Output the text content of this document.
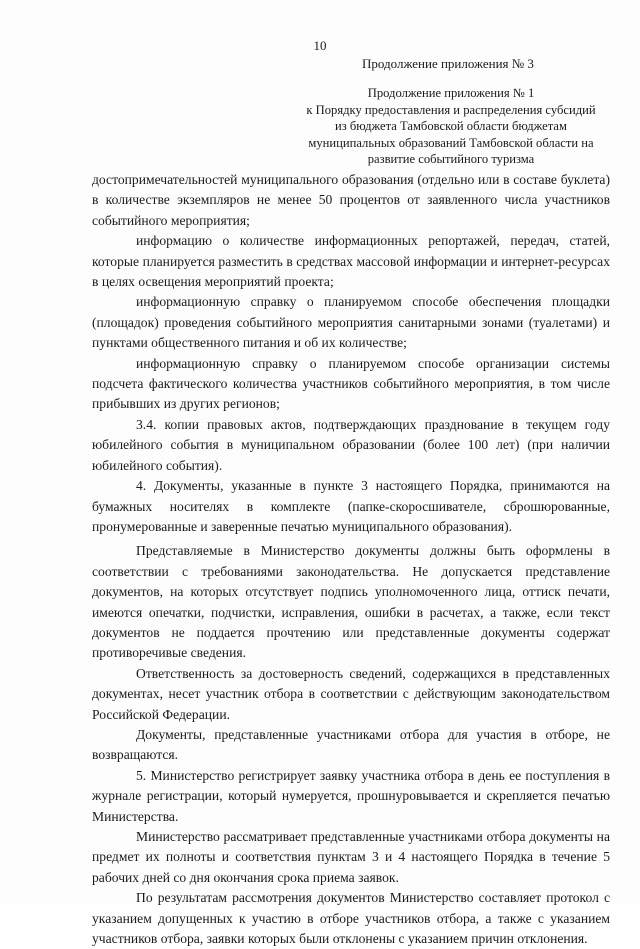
10
Продолжение приложения № 3
Продолжение приложения № 1
к Порядку предоставления и распределения субсидий
из бюджета Тамбовской области бюджетам
муниципальных образований Тамбовской области на
развитие событийного туризма

достопримечательностей муниципального образования (отдельно или в составе буклета) в количестве экземпляров не менее 50 процентов от заявленного числа участников событийного мероприятия;

информацию о количестве информационных репортажей, передач, статей, которые планируется разместить в средствах массовой информации и интернет-ресурсах в целях освещения мероприятий проекта;

информационную справку о планируемом способе обеспечения площадки (площадок) проведения событийного мероприятия санитарными зонами (туалетами) и пунктами общественного питания и об их количестве;

информационную справку о планируемом способе организации системы подсчета фактического количества участников событийного мероприятия, в том числе прибывших из других регионов;

3.4. копии правовых актов, подтверждающих празднование в текущем году юбилейного события в муниципальном образовании (более 100 лет) (при наличии юбилейного события).

4. Документы, указанные в пункте 3 настоящего Порядка, принимаются на бумажных носителях в комплекте (папке-скоросшивателе, сброшюрованные, пронумерованные и заверенные печатью муниципального образования).

Представляемые в Министерство документы должны быть оформлены в соответствии с требованиями законодательства. Не допускается представление документов, на которых отсутствует подпись уполномоченного лица, оттиск печати, имеются опечатки, подчистки, исправления, ошибки в расчетах, а также, если текст документов не поддается прочтению или представленные документы содержат противоречивые сведения.

Ответственность за достоверность сведений, содержащихся в представленных документах, несет участник отбора в соответствии с действующим законодательством Российской Федерации.

Документы, представленные участниками отбора для участия в отборе, не возвращаются.

5. Министерство регистрирует заявку участника отбора в день ее поступления в журнале регистрации, который нумеруется, прошнуровывается и скрепляется печатью Министерства.

Министерство рассматривает представленные участниками отбора документы на предмет их полноты и соответствия пунктам 3 и 4 настоящего Порядка в течение 5 рабочих дней со дня окончания срока приема заявок.

По результатам рассмотрения документов Министерство составляет протокол с указанием допущенных к участию в отборе участников отбора, а также с указанием участников отбора, заявки которых были отклонены с указанием причин отклонения.
